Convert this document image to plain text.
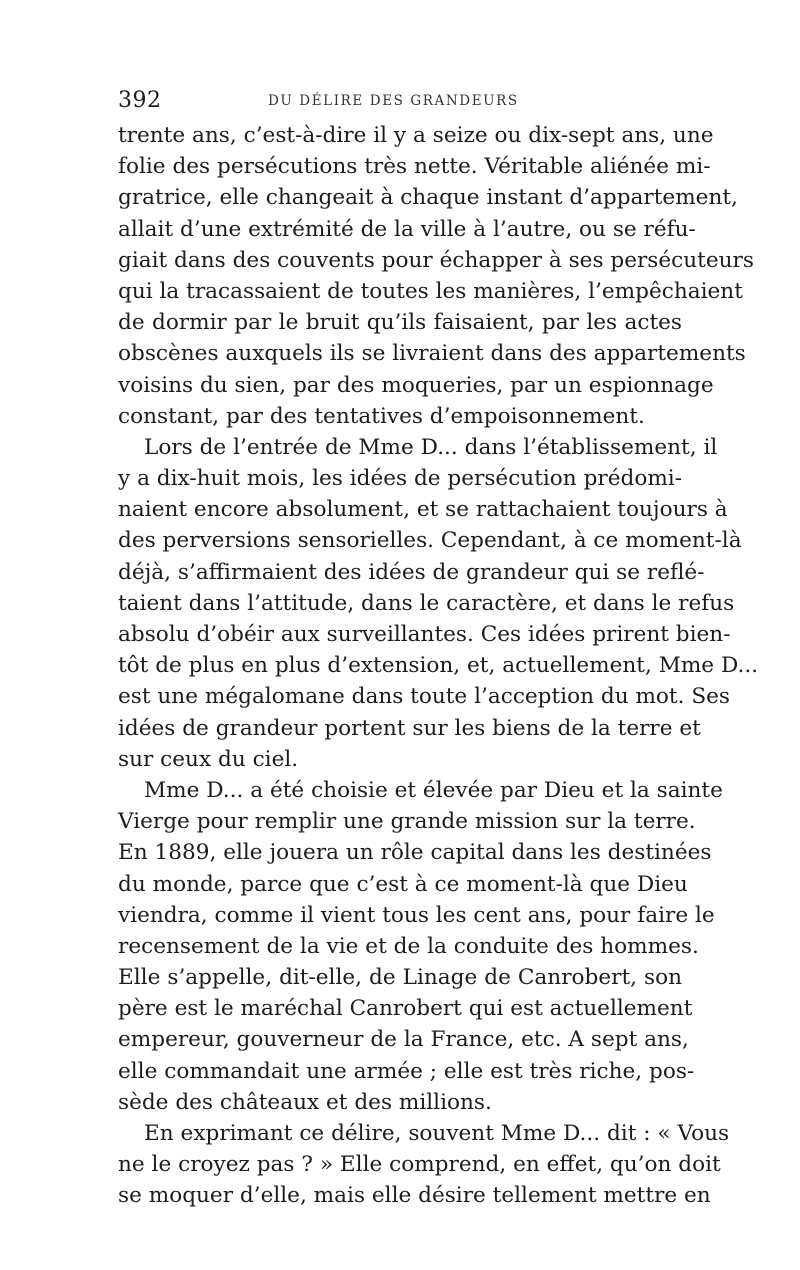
392	DU DÉLIRE DES GRANDEURS
trente ans, c’est-à-dire il y a seize ou dix-sept ans, une
folie des persécutions très nette. Véritable aliénée mi-
gratrice, elle changeait à chaque instant d’appartement,
allait d’une extrémité de la ville à l’autre, ou se réfu-
giait dans des couvents pour échapper à ses persécuteurs
qui la tracassaient de toutes les manières, l’empêchaient
de dormir par le bruit qu’ils faisaient, par les actes
obscènes auxquels ils se livraient dans des appartements
voisins du sien, par des moqueries, par un espionnage
constant, par des tentatives d’empoisonnement.
Lors de l’entrée de Mme D... dans l’établissement, il
y a dix-huit mois, les idées de persécution prédomi-
naient encore absolument, et se rattachaient toujours à
des perversions sensorielles. Cependant, à ce moment-là
déjà, s’affirmaient des idées de grandeur qui se reflé-
taient dans l’attitude, dans le caractère, et dans le refus
absolu d’obéir aux surveillantes. Ces idées prirent bien-
tôt de plus en plus d’extension, et, actuellement, Mme D...
est une mégalomane dans toute l’acception du mot. Ses
idées de grandeur portent sur les biens de la terre et
sur ceux du ciel.
Mme D... a été choisie et élevée par Dieu et la sainte
Vierge pour remplir une grande mission sur la terre.
En 1889, elle jouera un rôle capital dans les destinées
du monde, parce que c’est à ce moment-là que Dieu
viendra, comme il vient tous les cent ans, pour faire le
recensement de la vie et de la conduite des hommes.
Elle s’appelle, dit-elle, de Linage de Canrobert, son
père est le maréchal Canrobert qui est actuellement
empereur, gouverneur de la France, etc. A sept ans,
elle commandait une armée ; elle est très riche, pos-
sède des châteaux et des millions.
En exprimant ce délire, souvent Mme D... dit : « Vous
ne le croyez pas ? » Elle comprend, en effet, qu’on doit
se moquer d’elle, mais elle désire tellement mettre en
